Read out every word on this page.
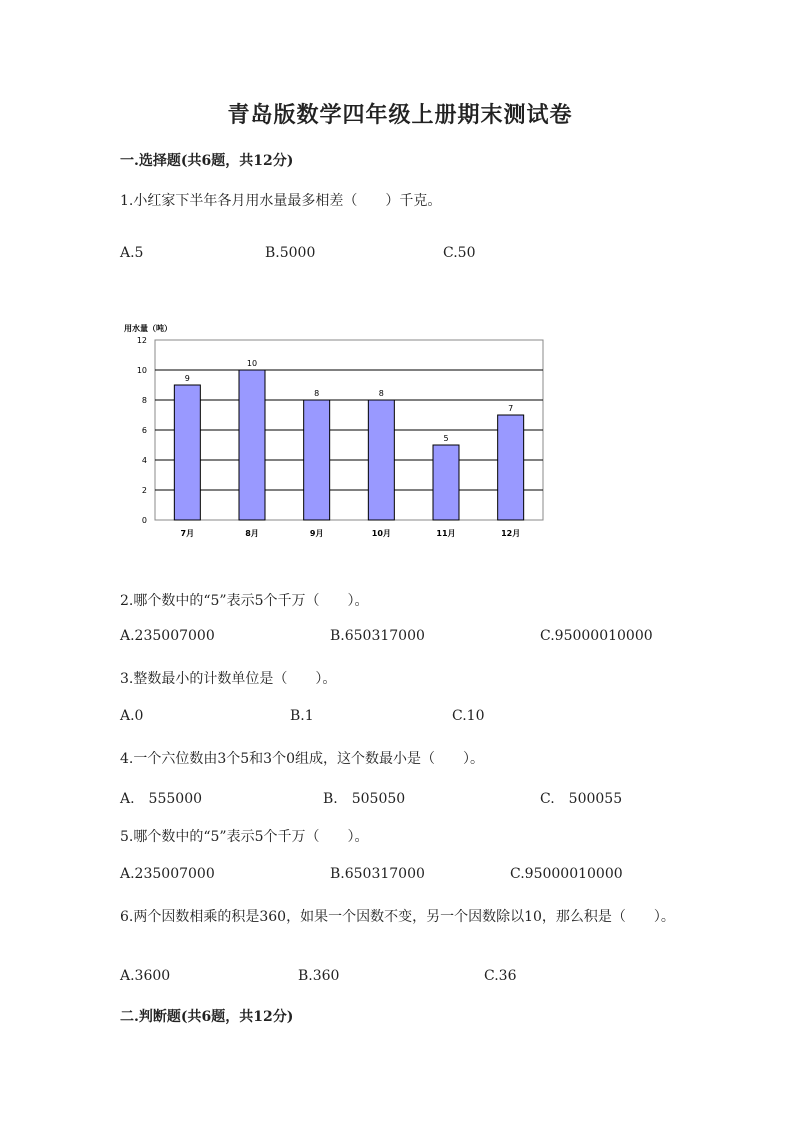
青岛版数学四年级上册期末测试卷
一.选择题(共6题，共12分)
1.小红家下半年各月用水量最多相差（　　）千克。
A.5	B.5000	C.50
用水量（吨）
0
2
4
6
8
10
12
9
7月
10
8月
8
9月
8
10月
5
11月
7
12月
2.哪个数中的“5”表示5个千万（　　）。
A.235007000	B.650317000	C.95000010000
3.整数最小的计数单位是（　　）。
A.0	B.1	C.10
4.一个六位数由3个5和3个0组成，这个数最小是（　　）。
A.　555000	B.　505050	C.　500055
5.哪个数中的“5”表示5个千万（　　）。
A.235007000	B.650317000	C.95000010000
6.两个因数相乘的积是360，如果一个因数不变，另一个因数除以10，那么积是（　　）。
A.3600	B.360	C.36
二.判断题(共6题，共12分)
